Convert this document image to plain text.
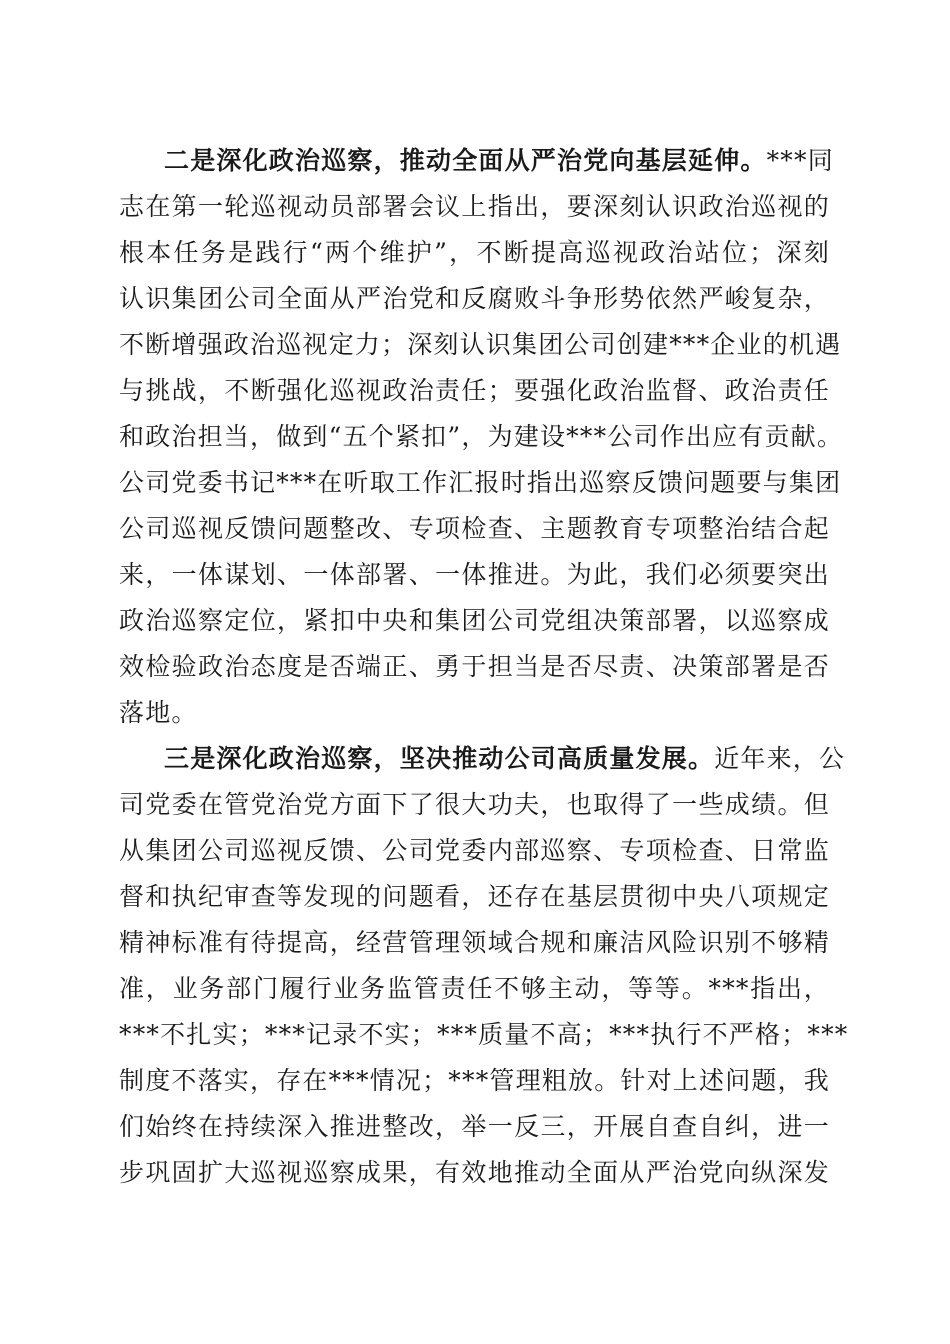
二是深化政治巡察，推动全面从严治党向基层延伸。***同
志在第一轮巡视动员部署会议上指出，要深刻认识政治巡视的
根本任务是践行“两个维护”，不断提高巡视政治站位；深刻
认识集团公司全面从严治党和反腐败斗争形势依然严峻复杂，
不断增强政治巡视定力；深刻认识集团公司创建***企业的机遇
与挑战，不断强化巡视政治责任；要强化政治监督、政治责任
和政治担当，做到“五个紧扣”，为建设***公司作出应有贡献。
公司党委书记***在听取工作汇报时指出巡察反馈问题要与集团
公司巡视反馈问题整改、专项检查、主题教育专项整治结合起
来，一体谋划、一体部署、一体推进。为此，我们必须要突出
政治巡察定位，紧扣中央和集团公司党组决策部署，以巡察成
效检验政治态度是否端正、勇于担当是否尽责、决策部署是否
落地。
三是深化政治巡察，坚决推动公司高质量发展。近年来，公
司党委在管党治党方面下了很大功夫，也取得了一些成绩。但
从集团公司巡视反馈、公司党委内部巡察、专项检查、日常监
督和执纪审查等发现的问题看，还存在基层贯彻中央八项规定
精神标准有待提高，经营管理领域合规和廉洁风险识别不够精
准，业务部门履行业务监管责任不够主动，等等。***指出，
***不扎实；***记录不实；***质量不高；***执行不严格；***
制度不落实，存在***情况；***管理粗放。针对上述问题，我
们始终在持续深入推进整改，举一反三，开展自查自纠，进一
步巩固扩大巡视巡察成果，有效地推动全面从严治党向纵深发
